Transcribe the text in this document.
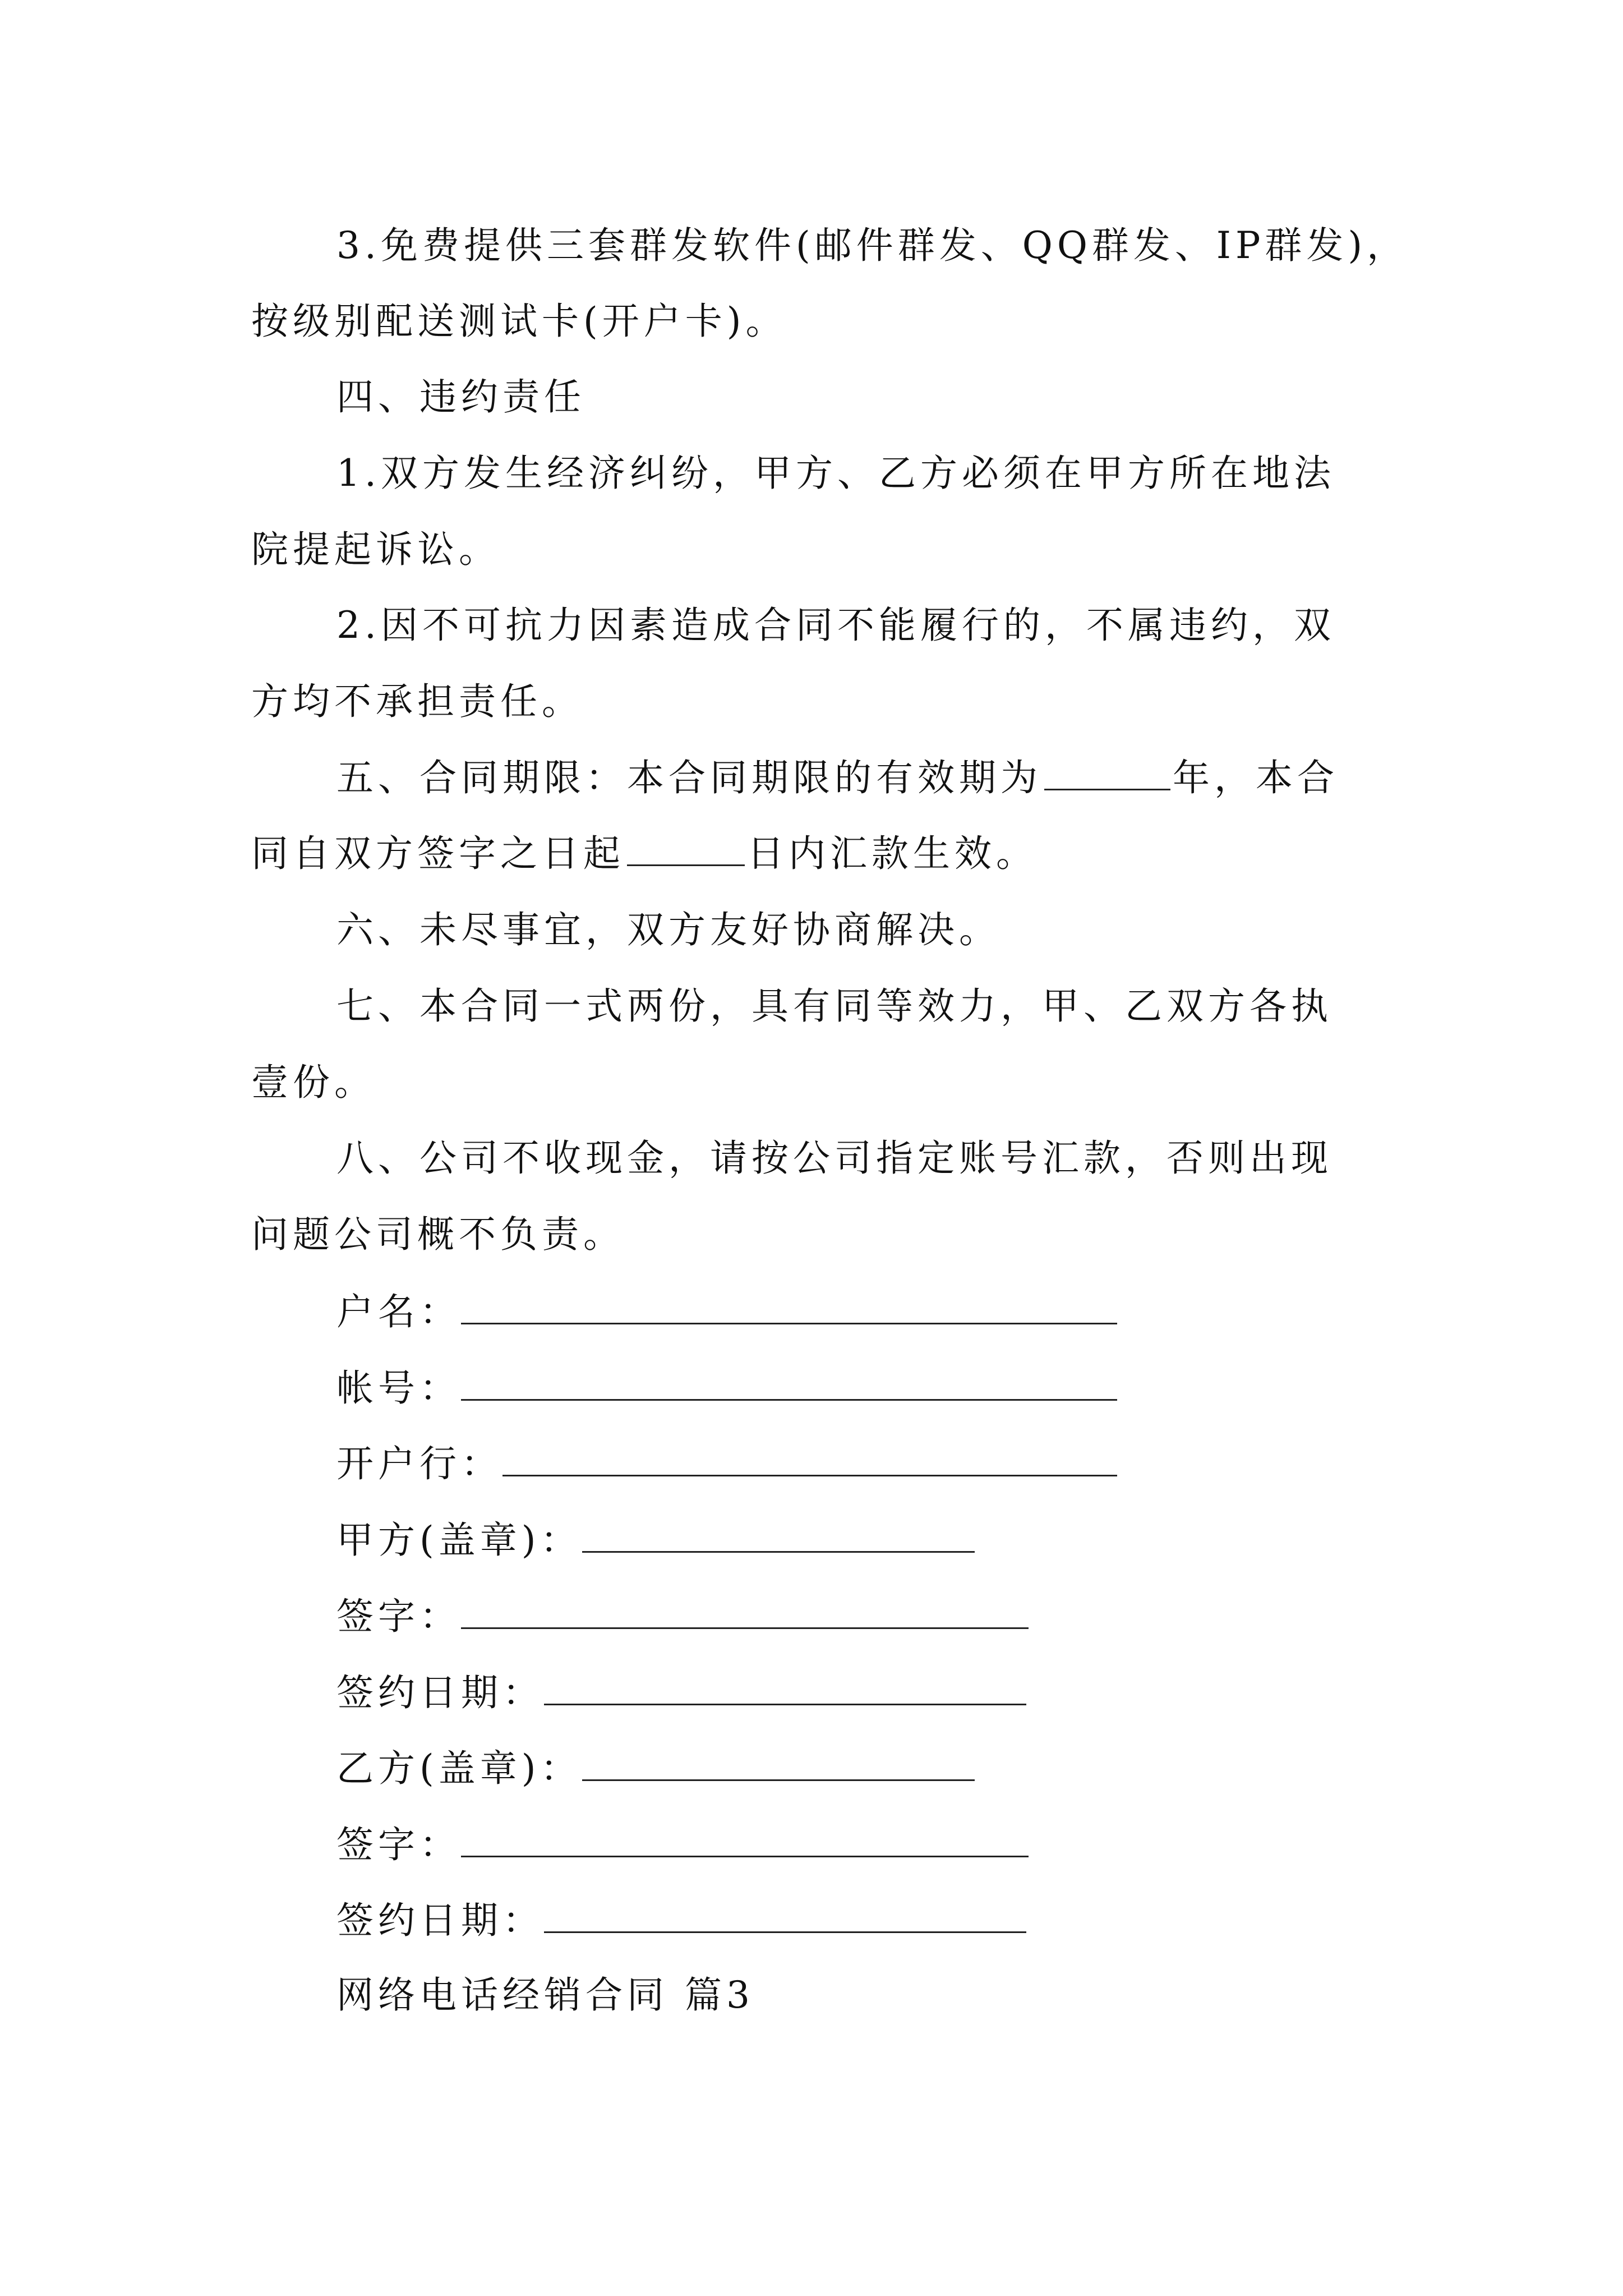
3.免费提供三套群发软件(邮件群发、QQ群发、IP群发)，
按级别配送测试卡(开户卡)。
四、违约责任
1.双方发生经济纠纷，甲方、乙方必须在甲方所在地法
院提起诉讼。
2.因不可抗力因素造成合同不能履行的，不属违约，双
方均不承担责任。
五、合同期限：本合同期限的有效期为	年，本合
同自双方签字之日起	日内汇款生效。
六、未尽事宜，双方友好协商解决。
七、本合同一式两份，具有同等效力，甲、乙双方各执
壹份。
八、公司不收现金，请按公司指定账号汇款，否则出现
问题公司概不负责。
户名：
帐号：
开户行：
甲方(盖章)：
签字：
签约日期：
乙方(盖章)：
签字：
签约日期：
网络电话经销合同 篇3
